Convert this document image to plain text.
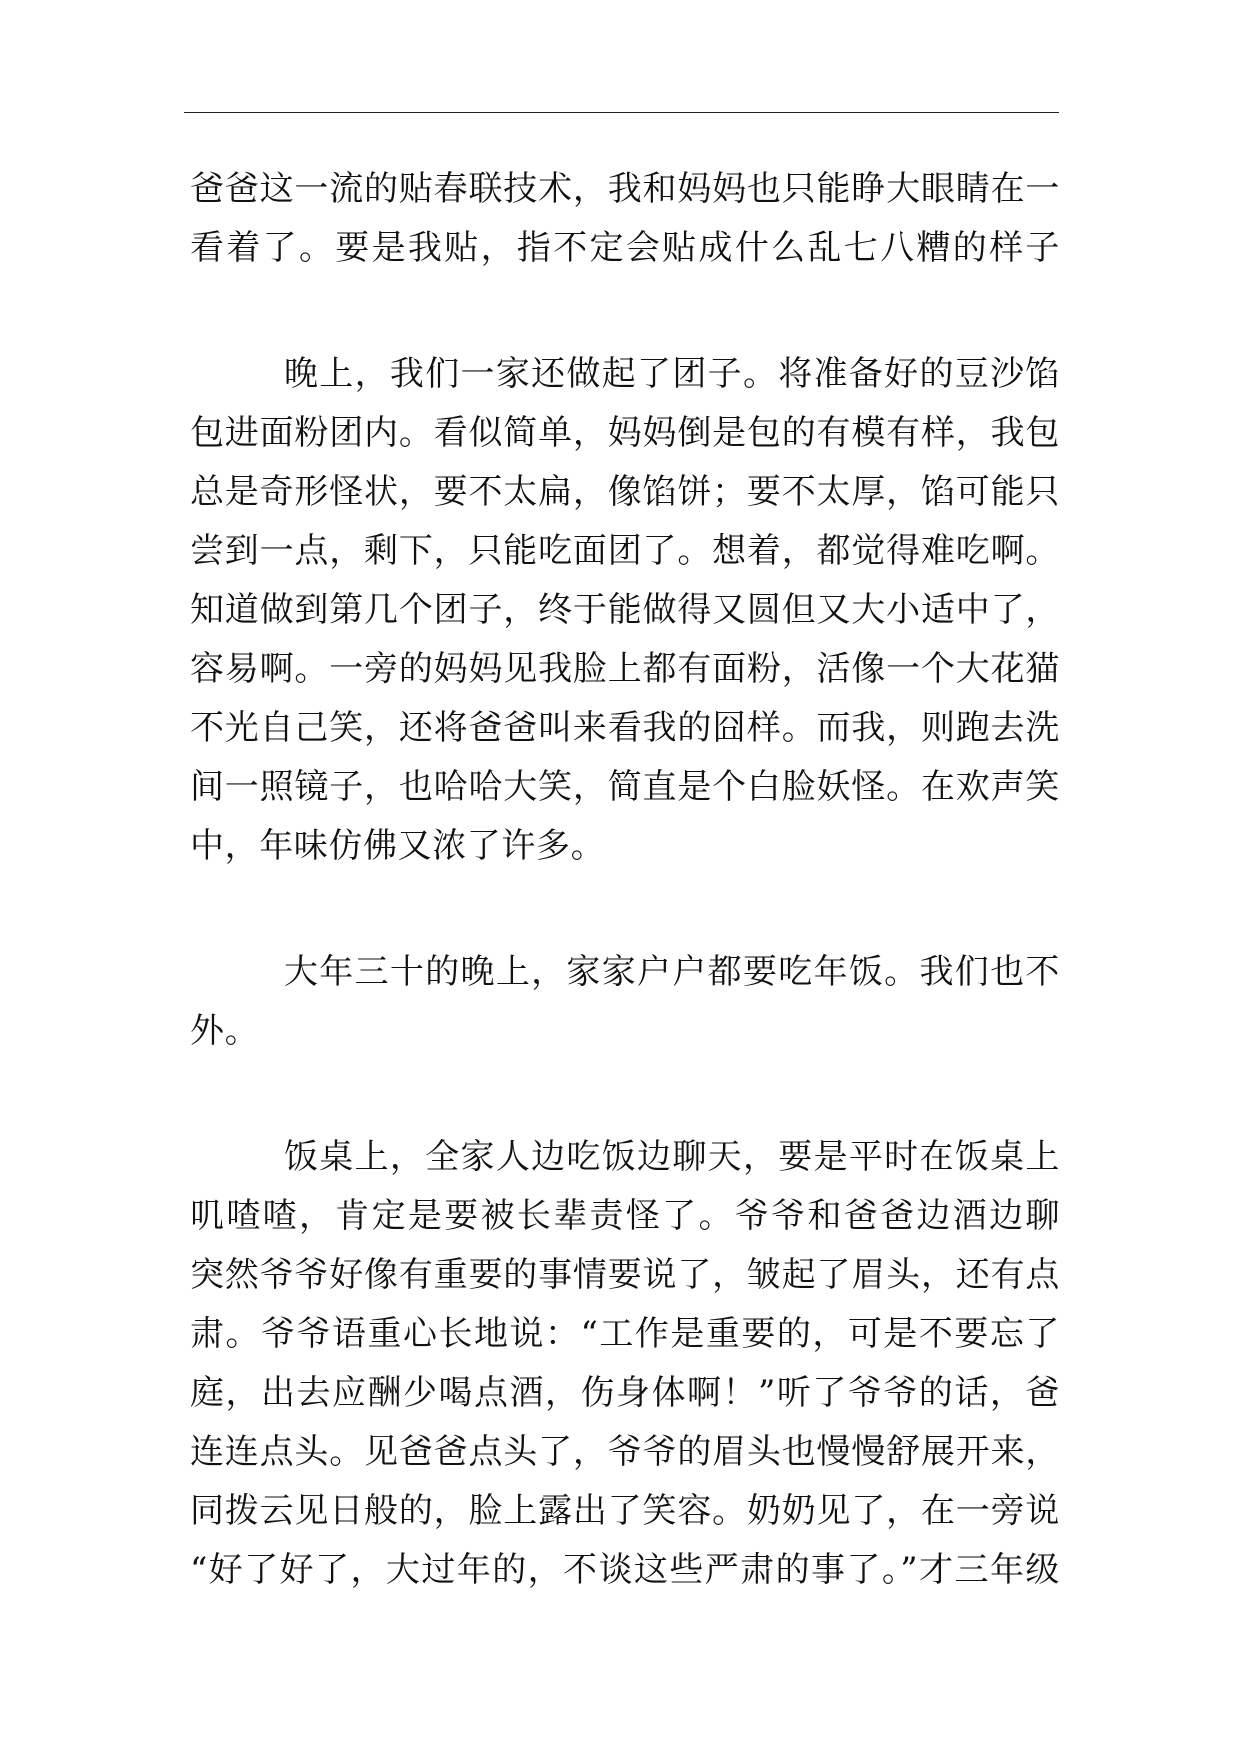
爸爸这一流的贴春联技术，我和妈妈也只能睁大眼睛在一
看着了。要是我贴，指不定会贴成什么乱七八糟的样子
晚上，我们一家还做起了团子。将准备好的豆沙馅
包进面粉团内。看似简单，妈妈倒是包的有模有样，我包
总是奇形怪状，要不太扁，像馅饼；要不太厚，馅可能只
尝到一点，剩下，只能吃面团了。想着，都觉得难吃啊。
知道做到第几个团子，终于能做得又圆但又大小适中了，
容易啊。一旁的妈妈见我脸上都有面粉，活像一个大花猫
不光自己笑，还将爸爸叫来看我的囧样。而我，则跑去洗
间一照镜子，也哈哈大笑，简直是个白脸妖怪。在欢声笑
中，年味仿佛又浓了许多。
大年三十的晚上，家家户户都要吃年饭。我们也不
外。
饭桌上，全家人边吃饭边聊天，要是平时在饭桌上
叽喳喳，肯定是要被长辈责怪了。爷爷和爸爸边酒边聊
突然爷爷好像有重要的事情要说了，皱起了眉头，还有点
肃。爷爷语重心长地说：“工作是重要的，可是不要忘了
庭，出去应酬少喝点酒，伤身体啊！”听了爷爷的话，爸
连连点头。见爸爸点头了，爷爷的眉头也慢慢舒展开来，
同拨云见日般的，脸上露出了笑容。奶奶见了，在一旁说
“好了好了，大过年的，不谈这些严肃的事了。”才三年级
